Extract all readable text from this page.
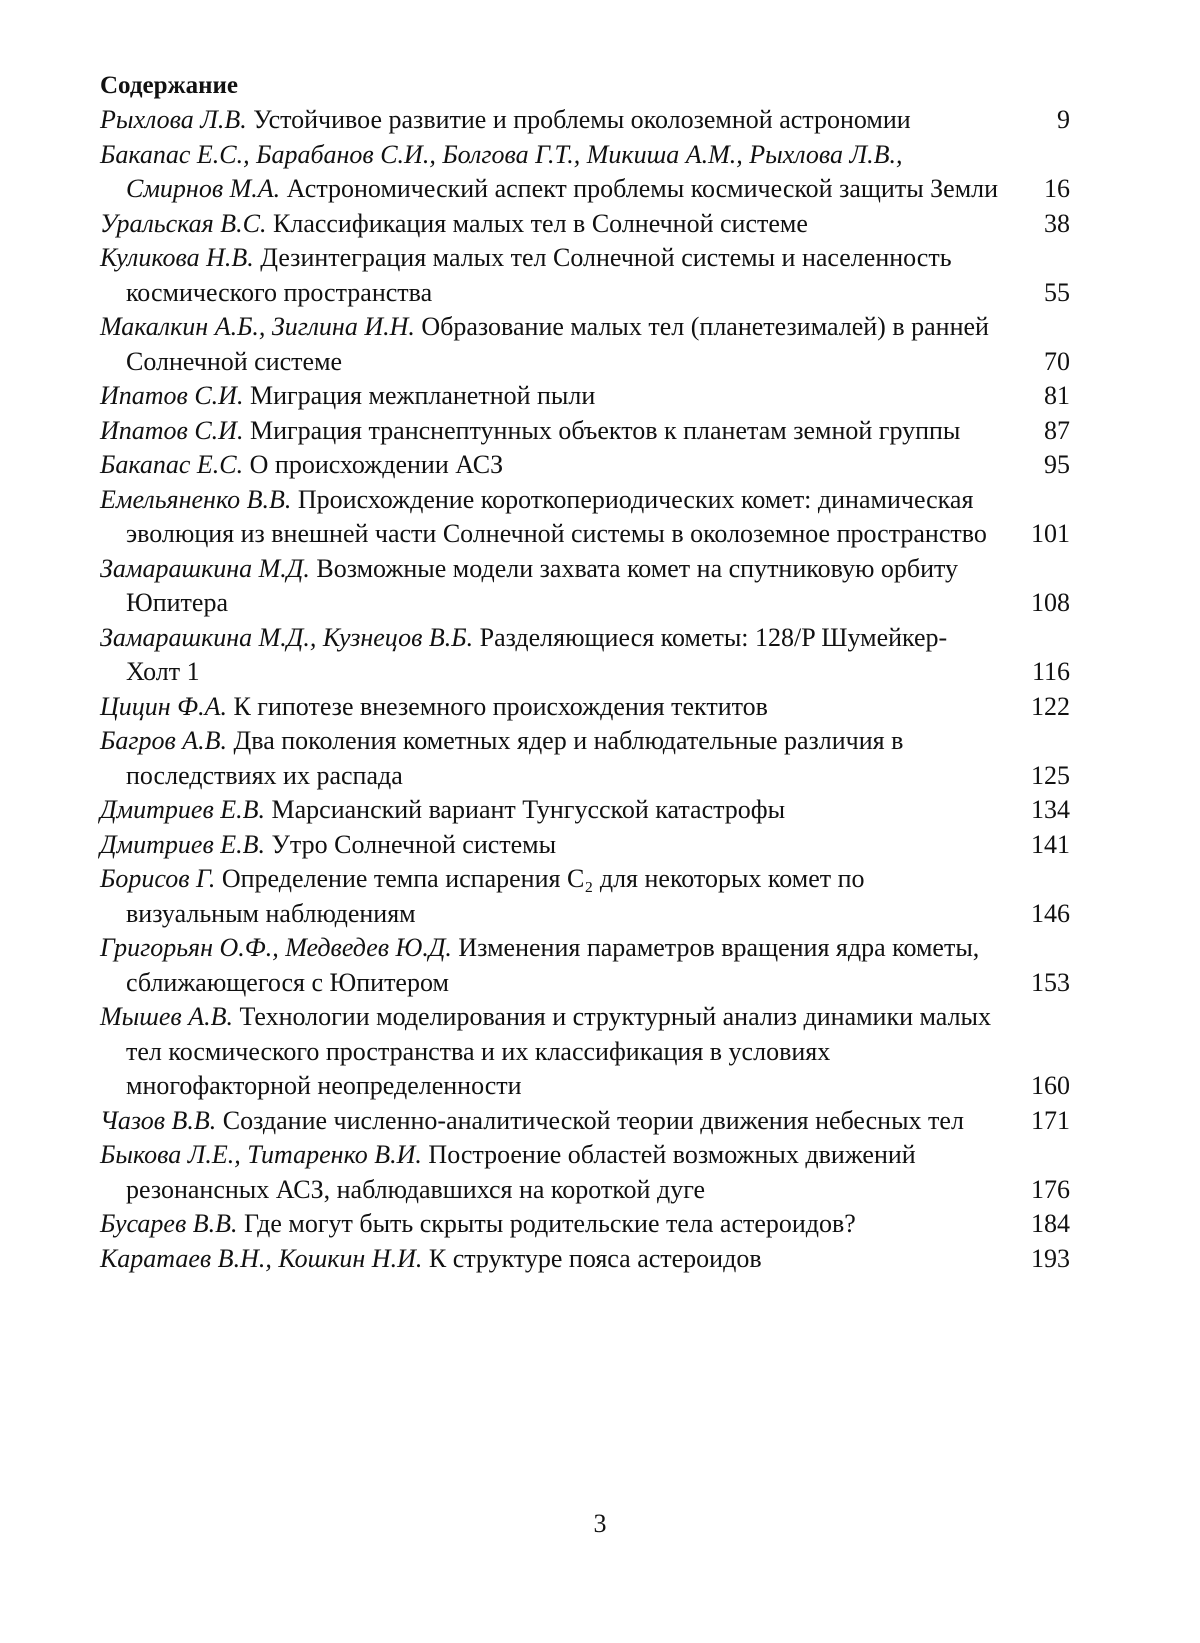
Содержание
Рыхлова Л.В. Устойчивое развитие и проблемы околоземной астрономии	9
Бакапас Е.С., Барабанов С.И., Болгова Г.Т., Микиша А.М., Рыхлова Л.В., Смирнов М.А. Астрономический аспект проблемы космической защиты Земли	16
Уральская В.С. Классификация малых тел в Солнечной системе	38
Куликова Н.В. Дезинтеграция малых тел Солнечной системы и населенность космического пространства	55
Макалкин А.Б., Зиглина И.Н. Образование малых тел (планетезималей) в ранней Солнечной системе	70
Ипатов С.И. Миграция межпланетной пыли	81
Ипатов С.И. Миграция транснептунных объектов к планетам земной группы	87
Бакапас Е.С. О происхождении АСЗ	95
Емельяненко В.В. Происхождение короткопериодических комет: динамическая эволюция из внешней части Солнечной системы в околоземное пространство	101
Замарашкина М.Д. Возможные модели захвата комет на спутниковую орбиту Юпитера	108
Замарашкина М.Д., Кузнецов В.Б. Разделяющиеся кометы: 128/P Шумейкер-Холт 1	116
Цицин Ф.А. К гипотезе внеземного происхождения тектитов	122
Багров А.В. Два поколения кометных ядер и наблюдательные различия в последствиях их распада	125
Дмитриев Е.В. Марсианский вариант Тунгусской катастрофы	134
Дмитриев Е.В. Утро Солнечной системы	141
Борисов Г. Определение темпа испарения C₂ для некоторых комет по визуальным наблюдениям	146
Григорьян О.Ф., Медведев Ю.Д. Изменения параметров вращения ядра кометы, сближающегося с Юпитером	153
Мышев А.В. Технологии моделирования и структурный анализ динамики малых тел космического пространства и их классификация в условиях многофакторной неопределенности	160
Чазов В.В. Создание численно-аналитической теории движения небесных тел	171
Быкова Л.Е., Титаренко В.И. Построение областей возможных движений резонансных АСЗ, наблюдавшихся на короткой дуге	176
Бусарев В.В. Где могут быть скрыты родительские тела астероидов?	184
Каратаев В.Н., Кошкин Н.И. К структуре пояса астероидов	193
3
